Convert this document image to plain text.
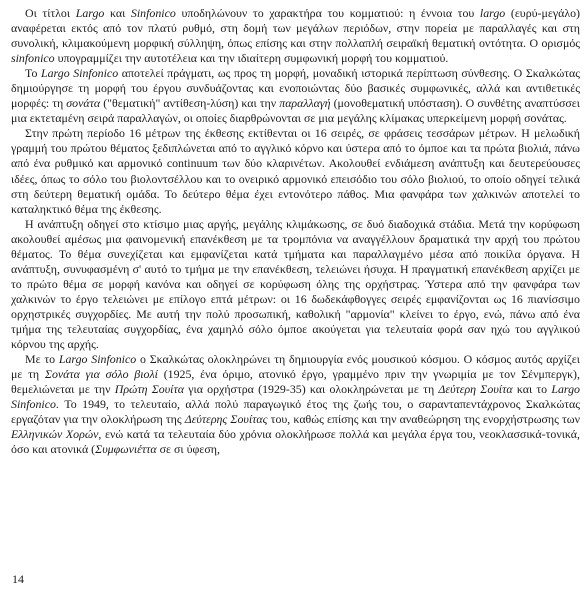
Οι τίτλοι Largo και Sinfonico υποδηλώνουν το χαρακτήρα του κομματιού: η έννοια του largo (ευρύ-μεγάλο) αναφέρεται εκτός από τον πλατύ ρυθμό, στη δομή των μεγάλων περιόδων, στην πορεία με παραλλαγές και στη συνολική, κλιμακούμενη μορφική σύλληψη, όπως επίσης και στην πολλαπλή σειραϊκή θεματική οντότητα. Ο ορισμός sinfonico υπογραμμίζει την αυτοτέλεια και την ιδιαίτερη συμφωνική μορφή του κομματιού.

Το Largo Sinfonico αποτελεί πράγματι, ως προς τη μορφή, μοναδική ιστορικά περίπτωση σύνθεσης. Ο Σκαλκώτας δημιούργησε τη μορφή του έργου συνδυάζοντας και ενοποιώντας δύο βασικές συμφωνικές, αλλά και αντιθετικές μορφές: τη σονάτα ("θεματική" αντίθεση-λύση) και την παραλλαγή (μονοθεματική υπόσταση). Ο συνθέτης αναπτύσσει μια εκτεταμένη σειρά παραλλαγών, οι οποίες διαρθρώνονται σε μια μεγάλης κλίμακας υπερκείμενη μορφή σονάτας.

Στην πρώτη περίοδο 16 μέτρων της έκθεσης εκτίθενται οι 16 σειρές, σε φράσεις τεσσάρων μέτρων. Η μελωδική γραμμή του πρώτου θέματος ξεδιπλώνεται από το αγγλικό κόρνο και ύστερα από το όμποε και τα πρώτα βιολιά, πάνω από ένα ρυθμικό και αρμονικό continuum των δύο κλαρινέτων. Ακολουθεί ενδιάμεση ανάπτυξη και δευτερεύουσες ιδέες, όπως το σόλο του βιολοντσέλλου και το ονειρικό αρμονικό επεισόδιο του σόλο βιολιού, το οποίο οδηγεί τελικά στη δεύτερη θεματική ομάδα. Το δεύτερο θέμα έχει εντονότερο πάθος. Μια φανφάρα των χαλκινών αποτελεί το καταληκτικό θέμα της έκθεσης.

Η ανάπτυξη οδηγεί στο κτίσιμο μιας αργής, μεγάλης κλιμάκωσης, σε δυό διαδοχικά στάδια. Μετά την κορύφωση ακολουθεί αμέσως μια φαινομενική επανέκθεση με τα τρομπόνια να αναγγέλλουν δραματικά την αρχή του πρώτου θέματος. Το θέμα συνεχίζεται και εμφανίζεται κατά τμήματα και παραλλαγμένο μέσα από ποικίλα όργανα. Η ανάπτυξη, συνυφασμένη σ' αυτό το τμήμα με την επανέκθεση, τελειώνει ήσυχα. Η πραγματική επανέκθεση αρχίζει με το πρώτο θέμα σε μορφή κανόνα και οδηγεί σε κορύφωση όλης της ορχήστρας. Ύστερα από την φανφάρα των χαλκινών το έργο τελειώνει με επίλογο επτά μέτρων: οι 16 δωδεκάφθογγες σειρές εμφανίζονται ως 16 πιανίσσιμο ορχηστρικές συγχορδίες. Με αυτή την πολύ προσωπική, καθολική "αρμονία" κλείνει το έργο, ενώ, πάνω από ένα τμήμα της τελευταίας συγχορδίας, ένα χαμηλό σόλο όμποε ακούγεται για τελευταία φορά σαν ηχώ του αγγλικού κόρνου της αρχής.

Με το Largo Sinfonico ο Σκαλκώτας ολοκληρώνει τη δημιουργία ενός μουσικού κόσμου. Ο κόσμος αυτός αρχίζει με τη Σονάτα για σόλο βιολί (1925, ένα όριμο, ατονικό έργο, γραμμένο πριν την γνωριμία με τον Σένμπεργκ), θεμελιώνεται με την Πρώτη Σουίτα για ορχήστρα (1929-35) και ολοκληρώνεται με τη Δεύτερη Σουίτα και το Largo Sinfonico. Το 1949, το τελευταίο, αλλά πολύ παραγωγικό έτος της ζωής του, ο σαρανταπεντάχρονος Σκαλκώτας εργαζόταν για την ολοκλήρωση της Δεύτερης Σουίτας του, καθώς επίσης και την αναθεώρηση της ενορχήστρωσης των Ελληνικών Χορών, ενώ κατά τα τελευταία δύο χρόνια ολοκλήρωσε πολλά και μεγάλα έργα του, νεοκλασσικά-τονικά, όσο και ατονικά (Συμφωνιέττα σε σι ύφεση,

14
